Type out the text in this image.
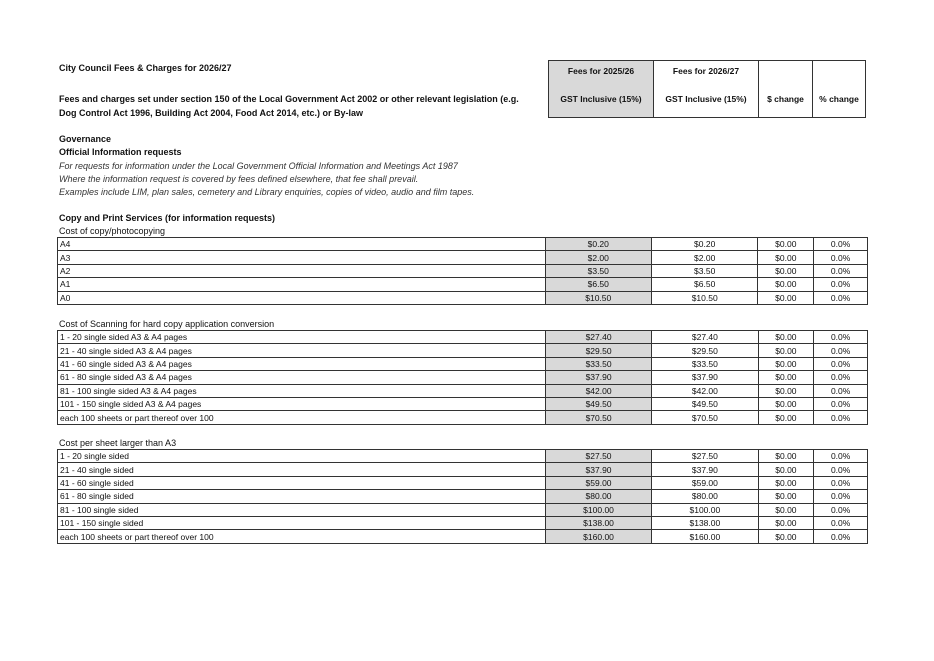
City Council Fees & Charges for 2026/27
Fees and charges set under section 150 of the Local Government Act 2002 or other relevant legislation (e.g.
Dog Control Act 1996, Building Act 2004, Food Act 2014, etc.) or By-law
Fees for 2025/26	Fees for 2026/27		
GST Inclusive (15%)	GST Inclusive (15%)	$ change	% change
Governance
Official Information requests
For requests for information under the Local Government Official Information and Meetings Act 1987
Where the information request is covered by fees defined elsewhere, that fee shall prevail.
Examples include LIM, plan sales, cemetery and Library enquiries, copies of video, audio and film tapes.
Copy and Print Services (for information requests)
Cost of copy/photocopying
A4	$0.20	$0.20	$0.00	0.0%
A3	$2.00	$2.00	$0.00	0.0%
A2	$3.50	$3.50	$0.00	0.0%
A1	$6.50	$6.50	$0.00	0.0%
A0	$10.50	$10.50	$0.00	0.0%
Cost of Scanning for hard copy application conversion
1 - 20 single sided A3 & A4 pages	$27.40	$27.40	$0.00	0.0%
21 - 40 single sided A3 & A4 pages	$29.50	$29.50	$0.00	0.0%
41 - 60 single sided A3 & A4 pages	$33.50	$33.50	$0.00	0.0%
61 - 80 single sided A3 & A4 pages	$37.90	$37.90	$0.00	0.0%
81 - 100 single sided A3 & A4 pages	$42.00	$42.00	$0.00	0.0%
101 - 150 single sided A3 & A4 pages	$49.50	$49.50	$0.00	0.0%
each 100 sheets or part thereof over 100	$70.50	$70.50	$0.00	0.0%
Cost per sheet larger than A3
1 - 20 single sided	$27.50	$27.50	$0.00	0.0%
21 - 40 single sided	$37.90	$37.90	$0.00	0.0%
41 - 60 single sided	$59.00	$59.00	$0.00	0.0%
61 - 80 single sided	$80.00	$80.00	$0.00	0.0%
81 - 100 single sided	$100.00	$100.00	$0.00	0.0%
101 - 150 single sided	$138.00	$138.00	$0.00	0.0%
each 100 sheets or part thereof over 100	$160.00	$160.00	$0.00	0.0%
